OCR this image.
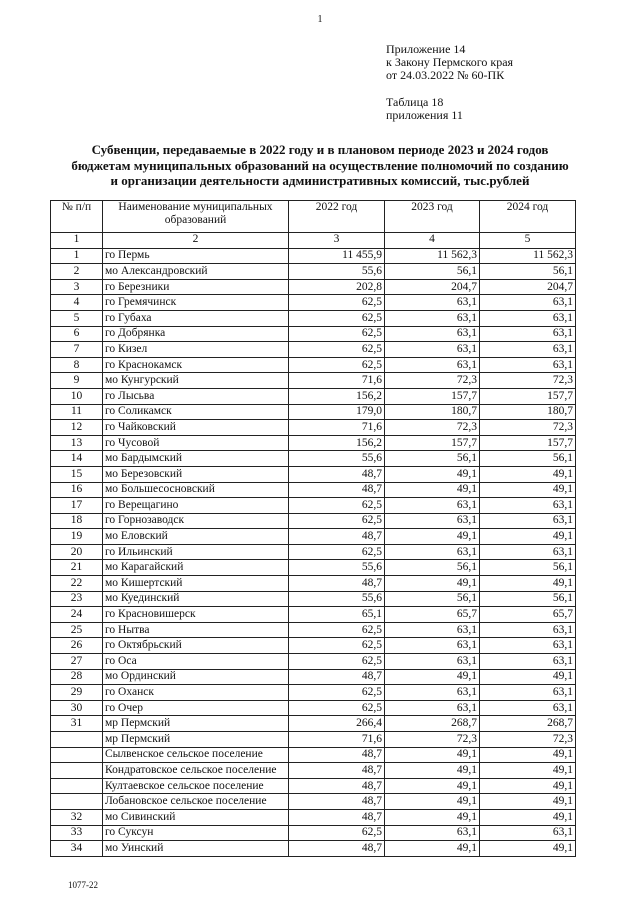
1
Приложение 14
к Закону Пермского края
от 24.03.2022 № 60-ПК
Таблица 18
приложения 11
Субвенции, передаваемые в 2022 году и в плановом периоде 2023 и 2024 годов
бюджетам муниципальных образований на осуществление полномочий по созданию
и организации деятельности административных комиссий, тыс.рублей
№ п/п	Наименование муниципальных образований	2022 год	2023 год	2024 год
1	2	3	4	5
1	го Пермь	11 455,9	11 562,3	11 562,3
2	мо Александровский	55,6	56,1	56,1
3	го Березники	202,8	204,7	204,7
4	го Гремячинск	62,5	63,1	63,1
5	го Губаха	62,5	63,1	63,1
6	го Добрянка	62,5	63,1	63,1
7	го Кизел	62,5	63,1	63,1
8	го Краснокамск	62,5	63,1	63,1
9	мо Кунгурский	71,6	72,3	72,3
10	го Лысьва	156,2	157,7	157,7
11	го Соликамск	179,0	180,7	180,7
12	го Чайковский	71,6	72,3	72,3
13	го Чусовой	156,2	157,7	157,7
14	мо Бардымский	55,6	56,1	56,1
15	мо Березовский	48,7	49,1	49,1
16	мо Большесосновский	48,7	49,1	49,1
17	го Верещагино	62,5	63,1	63,1
18	го Горнозаводск	62,5	63,1	63,1
19	мо Еловский	48,7	49,1	49,1
20	го Ильинский	62,5	63,1	63,1
21	мо Карагайский	55,6	56,1	56,1
22	мо Кишертский	48,7	49,1	49,1
23	мо Куединский	55,6	56,1	56,1
24	го Красновишерск	65,1	65,7	65,7
25	го Нытва	62,5	63,1	63,1
26	го Октябрьский	62,5	63,1	63,1
27	го Оса	62,5	63,1	63,1
28	мо Ординский	48,7	49,1	49,1
29	го Оханск	62,5	63,1	63,1
30	го Очер	62,5	63,1	63,1
31	мр Пермский	266,4	268,7	268,7
	мр Пермский	71,6	72,3	72,3
	Сылвенское сельское поселение	48,7	49,1	49,1
	Кондратовское сельское поселение	48,7	49,1	49,1
	Култаевское сельское поселение	48,7	49,1	49,1
	Лобановское сельское поселение	48,7	49,1	49,1
32	мо Сивинский	48,7	49,1	49,1
33	го Суксун	62,5	63,1	63,1
34	мо Уинский	48,7	49,1	49,1
1077-22
